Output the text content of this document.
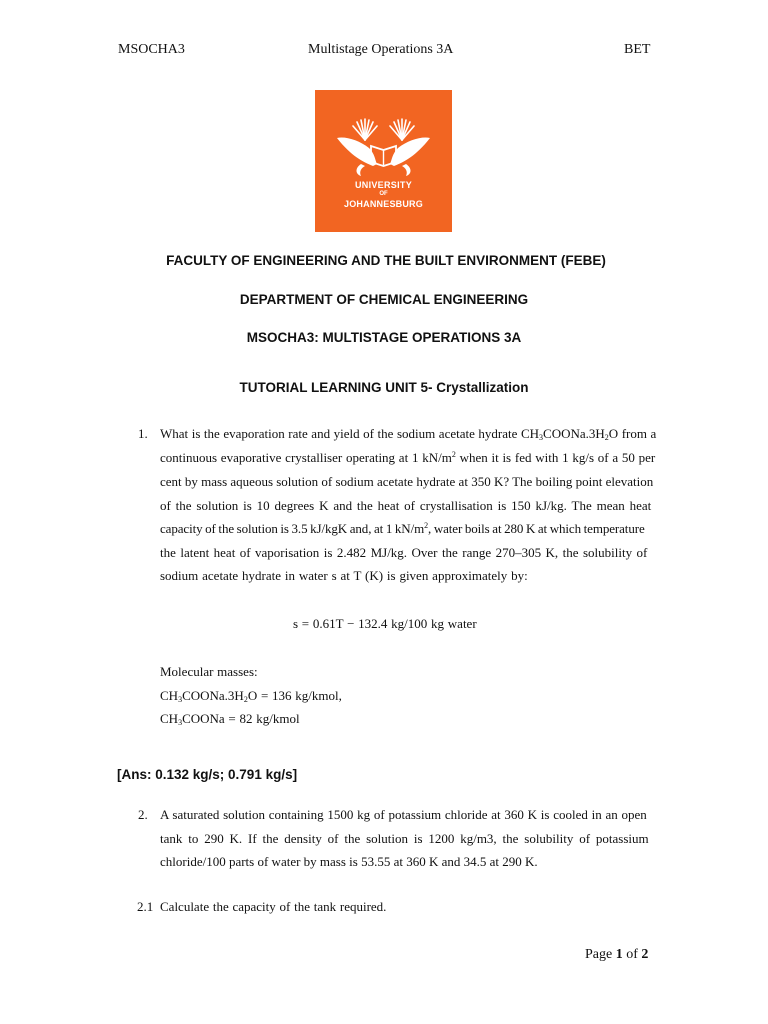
MSOCHA3	Multistage Operations 3A	BET
UNIVERSITY
OF
JOHANNESBURG
FACULTY OF ENGINEERING AND THE BUILT ENVIRONMENT (FEBE)
DEPARTMENT OF CHEMICAL ENGINEERING
MSOCHA3: MULTISTAGE OPERATIONS 3A
TUTORIAL LEARNING UNIT 5- Crystallization
1. What is the evaporation rate and yield of the sodium acetate hydrate $CH_3COONa.3H_2O$ from a
continuous evaporative crystalliser operating at 1 $kN/m^2$ when it is fed with 1 kg/s of a 50 per
cent by mass aqueous solution of sodium acetate hydrate at 350 K? The boiling point elevation
of the solution is 10 degrees K and the heat of crystallisation is 150 kJ/kg. The mean heat
capacity of the solution is 3.5 kJ/kgK and, at 1 $kN/m^2$, water boils at 280 K at which temperature
the latent heat of vaporisation is 2.482 MJ/kg. Over the range 270–305 K, the solubility of
sodium acetate hydrate in water s at T (K) is given approximately by:
s = 0.61T − 132.4 kg/100 kg water
Molecular masses:
$CH_3COONa.3H_2O = 136$ kg/kmol,
$CH_3COONa = 82$ kg/kmol
[Ans: 0.132 kg/s; 0.791 kg/s]
2. A saturated solution containing 1500 kg of potassium chloride at 360 K is cooled in an open
tank to 290 K. If the density of the solution is 1200 kg/m3, the solubility of potassium
chloride/100 parts of water by mass is 53.55 at 360 K and 34.5 at 290 K.
2.1 Calculate the capacity of the tank required.
Page 1 of 2
